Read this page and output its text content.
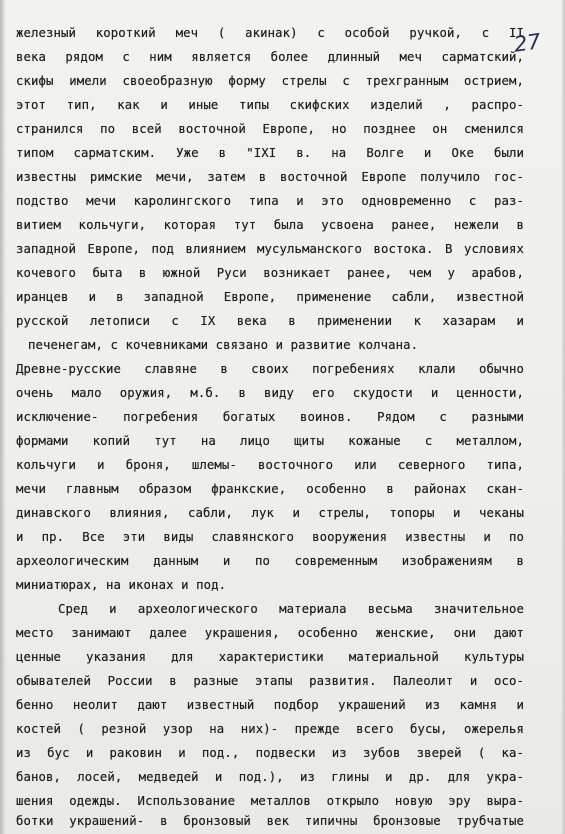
27
железный короткий меч ( акинак) с особой ручкой, с II
века рядом с ним является более длинный меч сарматский,
скифы имели своеобразную форму стрелы с трехгранным острием,
этот тип, как и иные типы скифских изделий , распро-
странился по всей восточной Европе, но позднее он сменился
типом сарматским. Уже в "IXI в. на Волге и Оке были
известны римские мечи, затем в восточной Европе получило гос-
подство мечи каролингского типа и это одновременно с раз-
витием кольчуги, которая тут была усвоена ранее, нежели в
западной Европе, под влиянием мусульманского востока. В условиях
кочевого быта в южной Руси возникает ранее, чем у арабов,
иранцев и в западной Европе, применение сабли, известной
русской летописи с IX века в применении к хазарам и
печенегам, с кочевниками связано и развитие колчана.
Древне-русские славяне в своих погребениях клали обычно
очень мало оружия, м.б. в виду его скудости и ценности,
исключение- погребения богатых воинов. Рядом с разными
формами копий тут на лицо щиты кожаные с металлом,
кольчуги и броня, шлемы- восточного или северного типа,
мечи главным образом франкские, особенно в районах скан-
динавского влияния, сабли, лук и стрелы, топоры и чеканы
и пр. Все эти виды славянского вооружения известны и по
археологическим данным и по современным изображениям в
миниатюрах, на иконах и под.
Сред и археологического материала весьма значительное
место занимают далее украшения, особенно женские, они дают
ценные указания для характеристики материальной культуры
обывателей России в разные этапы развития. Палеолит и осо-
бенно неолит дают известный подбор украшений из камня и
костей ( резной узор на них)- прежде всего бусы, ожерелья
из бус и раковин и под., подвески из зубов зверей ( ка-
банов, лосей, медведей и под.), из глины и др. для укра-
шения одежды. Использование металлов открыло новую эру выра-
ботки украшений- в бронзовый век типичны бронзовые трубчатые
